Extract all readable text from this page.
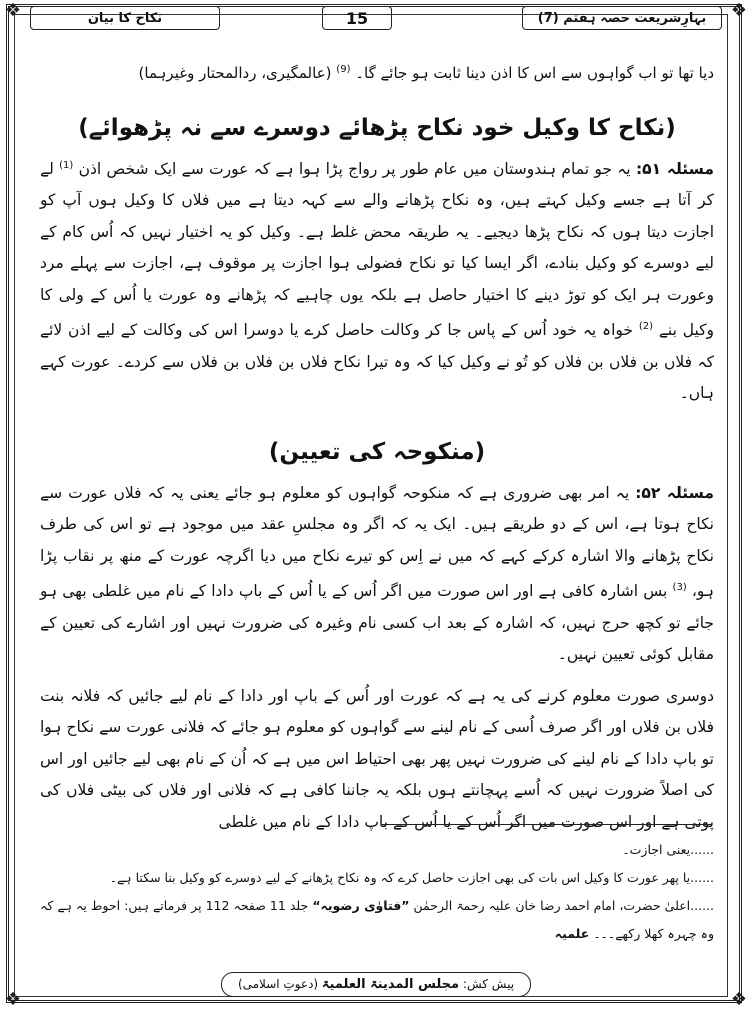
❖	❖
❖	❖
بہارِشریعت حصہ ہفتم (7)
15
نکاح کا بیان

دیا تھا تو اب گواہوں سے اس کا اذن دینا ثابت ہو جائے گا۔ $^{(9)}$ (عالمگیری، ردالمحتار وغیرہما)

(نکاح کا وکیل خود نکاح پڑھائے دوسرے سے نہ پڑھوائے)

مسئلہ ۵۱: یہ جو تمام ہندوستان میں عام طور پر رواج پڑا ہوا ہے کہ عورت سے ایک شخص اذن $^{(1)}$ لے کر آتا ہے جسے وکیل کہتے ہیں، وہ نکاح پڑھانے والے سے کہہ دیتا ہے میں فلاں کا وکیل ہوں آپ کو اجازت دیتا ہوں کہ نکاح پڑھا دیجیے۔ یہ طریقہ محض غلط ہے۔ وکیل کو یہ اختیار نہیں کہ اُس کام کے لیے دوسرے کو وکیل بنادے، اگر ایسا کیا تو نکاح فضولی ہوا اجازت پر موقوف ہے، اجازت سے پہلے مرد وعورت ہر ایک کو توڑ دینے کا اختیار حاصل ہے بلکہ یوں چاہیے کہ پڑھانے وہ عورت یا اُس کے ولی کا وکیل بنے $^{(2)}$ خواہ یہ خود اُس کے پاس جا کر وکالت حاصل کرے یا دوسرا اس کی وکالت کے لیے اذن لائے کہ فلاں بن فلاں بن فلاں کو تُو نے وکیل کیا کہ وہ تیرا نکاح فلاں بن فلاں بن فلاں سے کردے۔ عورت کہے ہاں۔

(منکوحہ کی تعیین)

مسئلہ ۵۲: یہ امر بھی ضروری ہے کہ منکوحہ گواہوں کو معلوم ہو جائے یعنی یہ کہ فلاں عورت سے نکاح ہوتا ہے، اس کے دو طریقے ہیں۔ ایک یہ کہ اگر وہ مجلسِ عقد میں موجود ہے تو اس کی طرف نکاح پڑھانے والا اشارہ کرکے کہے کہ میں نے اِس کو تیرے نکاح میں دیا اگرچہ عورت کے منھ پر نقاب پڑا ہو، $^{(3)}$ بس اشارہ کافی ہے اور اس صورت میں اگر اُس کے یا اُس کے باپ دادا کے نام میں غلطی بھی ہو جائے تو کچھ حرج نہیں، کہ اشارہ کے بعد اب کسی نام وغیرہ کی ضرورت نہیں اور اشارے کی تعیین کے مقابل کوئی تعیین نہیں۔

دوسری صورت معلوم کرنے کی یہ ہے کہ عورت اور اُس کے باپ اور دادا کے نام لیے جائیں کہ فلانہ بنت فلاں بن فلاں اور اگر صرف اُسی کے نام لینے سے گواہوں کو معلوم ہو جائے کہ فلانی عورت سے نکاح ہوا تو باپ دادا کے نام لینے کی ضرورت نہیں پھر بھی احتیاط اس میں ہے کہ اُن کے نام بھی لیے جائیں اور اس کی اصلاً ضرورت نہیں کہ اُسے پہچانتے ہوں بلکہ یہ جاننا کافی ہے کہ فلانی اور فلاں کی بیٹی فلاں کی پوتی ہے اور اس صورت میں اگر اُس کے یا اُس کے باپ دادا کے نام میں غلطی

......یعنی اجازت۔

......یا پھر عورت کا وکیل اس بات کی بھی اجازت حاصل کرے کہ وہ نکاح پڑھانے کے لیے دوسرے کو وکیل بنا سکتا ہے۔

......اعلیٰ حضرت، امام احمد رضا خان علیہ رحمۃ الرحمٰن ”فتاوٰی رضویہ“ جلد 11 صفحہ 112 پر فرماتے ہیں: احوط یہ ہے کہ وہ چہرہ کھلا رکھے۔۔۔ علمیہ

پیش کش: مجلس المدینۃ العلمیۃ (دعوتِ اسلامی)
